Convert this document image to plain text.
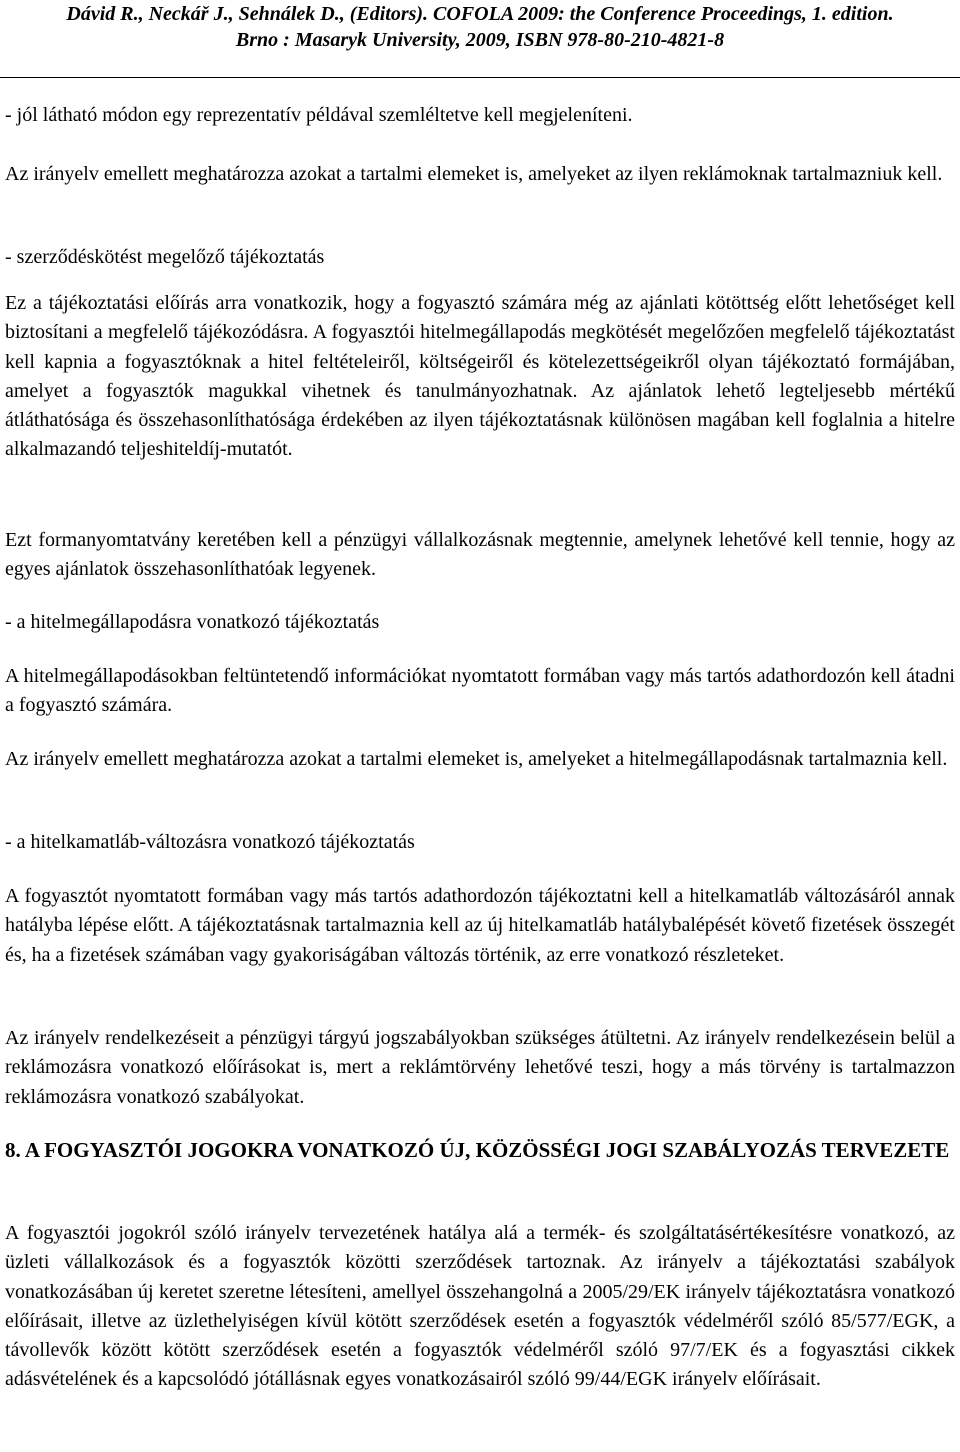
Dávid R., Neckář J., Sehnálek D., (Editors). COFOLA 2009: the Conference Proceedings, 1. edition.
Brno : Masaryk University, 2009, ISBN 978-80-210-4821-8

- jól látható módon egy reprezentatív példával szemléltetve kell megjeleníteni.

Az irányelv emellett meghatározza azokat a tartalmi elemeket is, amelyeket az ilyen reklámoknak tartalmazniuk kell.

- szerződéskötést megelőző tájékoztatás

Ez a tájékoztatási előírás arra vonatkozik, hogy a fogyasztó számára még az ajánlati kötöttség előtt lehetőséget kell biztosítani a megfelelő tájékozódásra. A fogyasztói hitelmegállapodás megkötését megelőzően megfelelő tájékoztatást kell kapnia a fogyasztóknak a hitel feltételeiről, költségeiről és kötelezettségeikről olyan tájékoztató formájában, amelyet a fogyasztók magukkal vihetnek és tanulmányozhatnak. Az ajánlatok lehető legteljesebb mértékű átláthatósága és összehasonlíthatósága érdekében az ilyen tájékoztatásnak különösen magában kell foglalnia a hitelre alkalmazandó teljeshiteldíj-mutatót.

Ezt formanyomtatvány keretében kell a pénzügyi vállalkozásnak megtennie, amelynek lehetővé kell tennie, hogy az egyes ajánlatok összehasonlíthatóak legyenek.

- a hitelmegállapodásra vonatkozó tájékoztatás

A hitelmegállapodásokban feltüntetendő információkat nyomtatott formában vagy más tartós adathordozón kell átadni a fogyasztó számára.

Az irányelv emellett meghatározza azokat a tartalmi elemeket is, amelyeket a hitelmegállapodásnak tartalmaznia kell.

- a hitelkamatláb-változásra vonatkozó tájékoztatás

A fogyasztót nyomtatott formában vagy más tartós adathordozón tájékoztatni kell a hitelkamatláb változásáról annak hatályba lépése előtt. A tájékoztatásnak tartalmaznia kell az új hitelkamatláb hatálybalépését követő fizetések összegét és, ha a fizetések számában vagy gyakoriságában változás történik, az erre vonatkozó részleteket.

Az irányelv rendelkezéseit a pénzügyi tárgyú jogszabályokban szükséges átültetni. Az irányelv rendelkezésein belül a reklámozásra vonatkozó előírásokat is, mert a reklámtörvény lehetővé teszi, hogy a más törvény is tartalmazzon reklámozásra vonatkozó szabályokat.

8. A FOGYASZTÓI JOGOKRA VONATKOZÓ ÚJ, KÖZÖSSÉGI JOGI SZABÁLYOZÁS TERVEZETE

A fogyasztói jogokról szóló irányelv tervezetének hatálya alá a termék- és szolgáltatásértékesítésre vonatkozó, az üzleti vállalkozások és a fogyasztók közötti szerződések tartoznak. Az irányelv a tájékoztatási szabályok vonatkozásában új keretet szeretne létesíteni, amellyel összehangolná a 2005/29/EK irányelv tájékoztatásra vonatkozó előírásait, illetve az üzlethelyiségen kívül kötött szerződések esetén a fogyasztók védelméről szóló 85/577/EGK, a távollevők között kötött szerződések esetén a fogyasztók védelméről szóló 97/7/EK és a fogyasztási cikkek adásvételének és a kapcsolódó jótállásnak egyes vonatkozásairól szóló 99/44/EGK irányelv előírásait.
